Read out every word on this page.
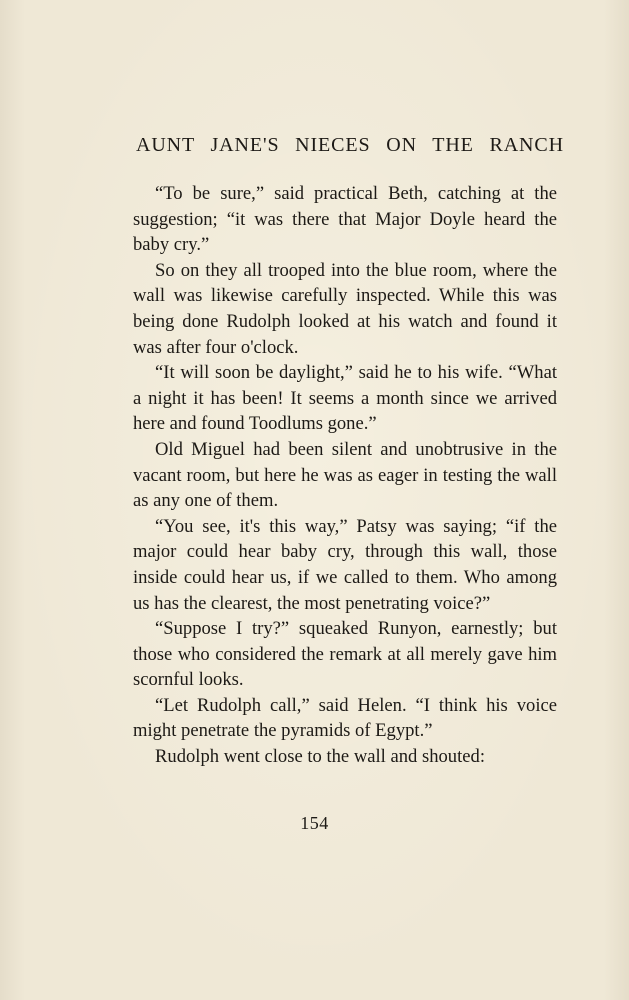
AUNT JANE'S NIECES ON THE RANCH

“To be sure,” said practical Beth, catching at the suggestion; “it was there that Major Doyle heard the baby cry.”

So on they all trooped into the blue room, where the wall was likewise carefully inspected. While this was being done Rudolph looked at his watch and found it was after four o'clock.

“It will soon be daylight,” said he to his wife. “What a night it has been! It seems a month since we arrived here and found Toodlums gone.”

Old Miguel had been silent and unobtrusive in the vacant room, but here he was as eager in testing the wall as any one of them.

“You see, it's this way,” Patsy was saying; “if the major could hear baby cry, through this wall, those inside could hear us, if we called to them. Who among us has the clearest, the most penetrating voice?”

“Suppose I try?” squeaked Runyon, earnestly; but those who considered the remark at all merely gave him scornful looks.

“Let Rudolph call,” said Helen. “I think his voice might penetrate the pyramids of Egypt.”

Rudolph went close to the wall and shouted:

154
